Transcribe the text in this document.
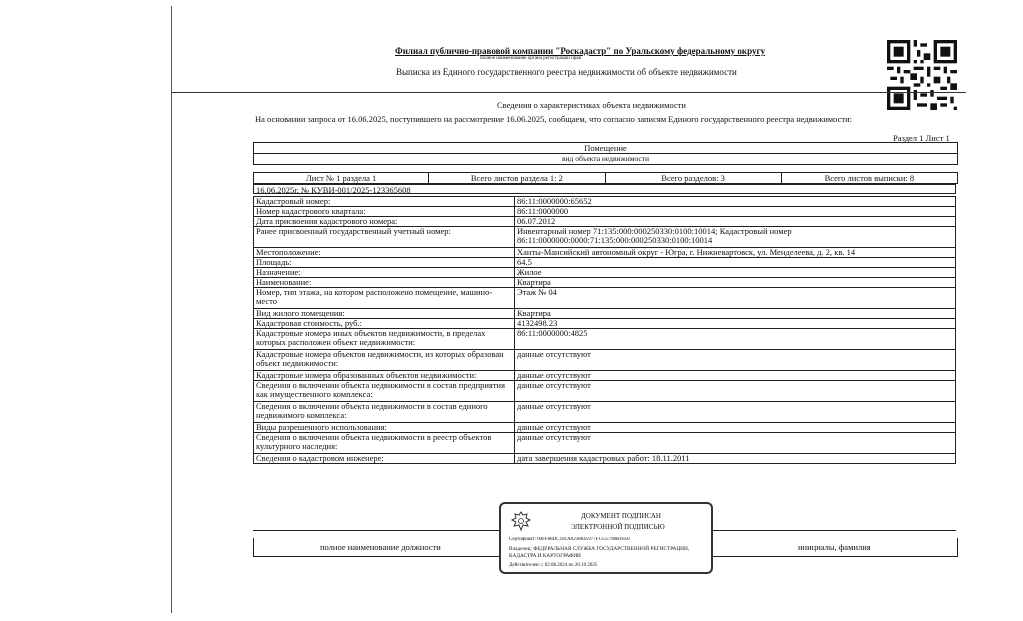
Филиал публично-правовой компании "Роскадастр" по Уральскому федеральному округу
полное наименование органа регистрации прав
Выписка из Единого государственного реестра недвижимости об объекте недвижимости
Сведения о характеристиках объекта недвижимости
На основании запроса от 16.06.2025, поступившего на рассмотрение 16.06.2025, сообщаем, что согласно записям Единого государственного реестра недвижимости:
Раздел 1 Лист 1
Помещение
вид объекта недвижимости
Лист № 1 раздела 1	Всего листов раздела 1: 2	Всего разделов: 3	Всего листов выписки: 8
16.06.2025г. № КУВИ-001/2025-123365608
Кадастровый номер:	86:11:0000000:65652
Номер кадастрового квартала:	86:11:0000000
Дата присвоения кадастрового номера:	06.07.2012
Ранее присвоенный государственный учетный номер:	Инвентарный номер 71:135:000:000250330:0100:10014; Кадастровый номер 86:11:0000000:0000:71:135:000:000250330:0100:10014
Местоположение:	Ханты-Мансийский автономный округ - Югра, г. Нижневартовск, ул. Менделеева, д. 2, кв. 14
Площадь:	64.5
Назначение:	Жилое
Наименование:	Квартира
Номер, тип этажа, на котором расположено помещение, машино-место	Этаж № 04
Вид жилого помещения:	Квартира
Кадастровая стоимость, руб.:	4132498.23
Кадастровые номера иных объектов недвижимости, в пределах которых расположен объект недвижимости:	86:11:0000000:4825
Кадастровые номера объектов недвижимости, из которых образован объект недвижимости:	данные отсутствуют
Кадастровые номера образованных объектов недвижимости:	данные отсутствуют
Сведения о включении объекта недвижимости в состав предприятия как имущественного комплекса:	данные отсутствуют
Сведения о включении объекта недвижимости в состав единого недвижимого комплекса:	данные отсутствуют
Виды разрешенного использования:	данные отсутствуют
Сведения о включении объекта недвижимости в реестр объектов культурного наследия:	данные отсутствуют
Сведения о кадастровом инженере:	дата завершения кадастровых работ: 18.11.2011
полное наименование должности	инициалы, фамилия
ДОКУМЕНТ ПОДПИСАН
ЭЛЕКТРОННОЙ ПОДПИСЬЮ
Сертификат: 00FF88DC181A0238645977F1255798BF850
Владелец: ФЕДЕРАЛЬНАЯ СЛУЖБА ГОСУДАРСТВЕННОЙ РЕГИСТРАЦИИ, КАДАСТРА И КАРТОГРАФИИ
Действителен: с 02.08.2024 по 26.10.2025
